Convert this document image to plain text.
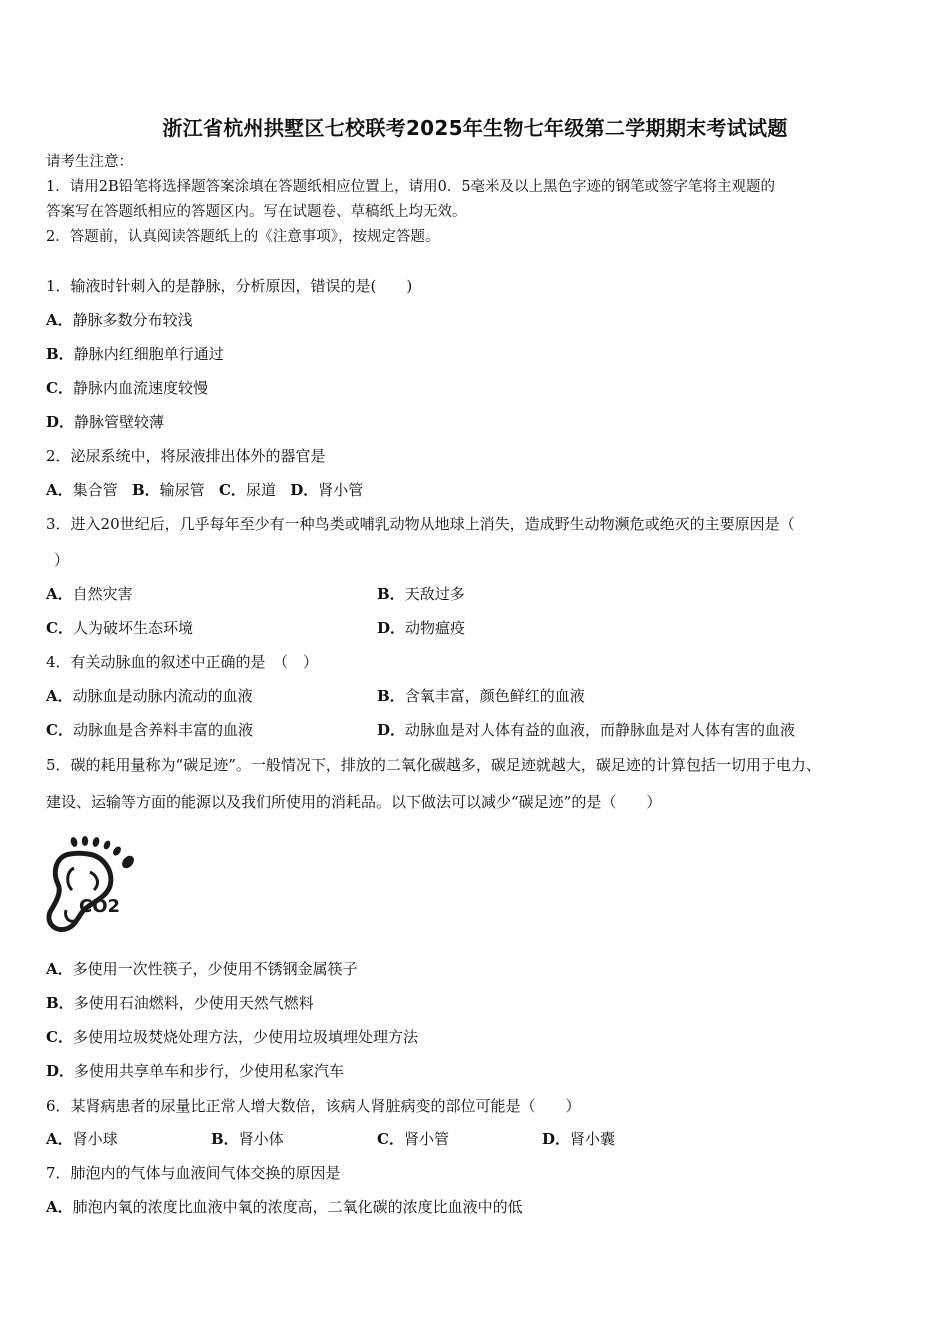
浙江省杭州拱墅区七校联考2025年生物七年级第二学期期末考试试题
请考生注意：
1．请用2B铅笔将选择题答案涂填在答题纸相应位置上，请用0．5毫米及以上黑色字迹的钢笔或签字笔将主观题的
答案写在答题纸相应的答题区内。写在试题卷、草稿纸上均无效。
2．答题前，认真阅读答题纸上的《注意事项》，按规定答题。
1．输液时针刺入的是静脉，分析原因，错误的是(　　)
A．静脉多数分布较浅
B．静脉内红细胞单行通过
C．静脉内血流速度较慢
D．静脉管壁较薄
2．泌尿系统中，将尿液排出体外的器官是
A．集合管 B．输尿管 C．尿道 D．肾小管
3．进入20世纪后，几乎每年至少有一种鸟类或哺乳动物从地球上消失，造成野生动物濒危或绝灭的主要原因是（
）
A．自然灾害	B．天敌过多
C．人为破坏生态环境	D．动物瘟疫
4．有关动脉血的叙述中正确的是　（　）
A．动脉血是动脉内流动的血液	B．含氧丰富，颜色鲜红的血液
C．动脉血是含养料丰富的血液	D．动脉血是对人体有益的血液，而静脉血是对人体有害的血液
5．碳的耗用量称为“碳足迹”。一般情况下，排放的二氧化碳越多，碳足迹就越大，碳足迹的计算包括一切用于电力、
建设、运输等方面的能源以及我们所使用的消耗品。以下做法可以减少“碳足迹”的是（　　）
CO2
A．多使用一次性筷子，少使用不锈钢金属筷子
B．多使用石油燃料，少使用天然气燃料
C．多使用垃圾焚烧处理方法，少使用垃圾填埋处理方法
D．多使用共享单车和步行，少使用私家汽车
6．某肾病患者的尿量比正常人增大数倍，该病人肾脏病变的部位可能是（　　）
A．肾小球	B．肾小体	C．肾小管	D．肾小囊
7．肺泡内的气体与血液间气体交换的原因是
A．肺泡内氧的浓度比血液中氧的浓度高，二氧化碳的浓度比血液中的低
